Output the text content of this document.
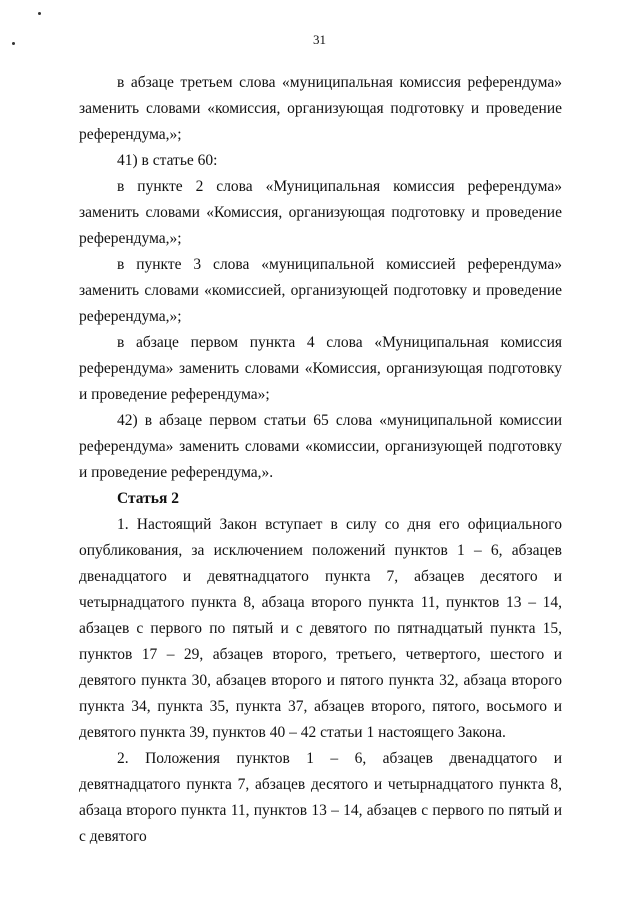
31

в абзаце третьем слова «муниципальная комиссия референдума» заменить словами «комиссия, организующая подготовку и проведение референдума,»;

41) в статье 60:

в пункте 2 слова «Муниципальная комиссия референдума» заменить словами «Комиссия, организующая подготовку и проведение референдума,»;

в пункте 3 слова «муниципальной комиссией референдума» заменить словами «комиссией, организующей подготовку и проведение референдума,»;

в абзаце первом пункта 4 слова «Муниципальная комиссия референдума» заменить словами «Комиссия, организующая подготовку и проведение референдума»;

42) в абзаце первом статьи 65 слова «муниципальной комиссии референдума» заменить словами «комиссии, организующей подготовку и проведение референдума,».

Статья 2

1. Настоящий Закон вступает в силу со дня его официального опубликования, за исключением положений пунктов 1 – 6, абзацев двенадцатого и девятнадцатого пункта 7, абзацев десятого и четырнадцатого пункта 8, абзаца второго пункта 11, пунктов 13 – 14, абзацев с первого по пятый и с девятого по пятнадцатый пункта 15, пунктов 17 – 29, абзацев второго, третьего, четвертого, шестого и девятого пункта 30, абзацев второго и пятого пункта 32, абзаца второго пункта 34, пункта 35, пункта 37, абзацев второго, пятого, восьмого и девятого пункта 39, пунктов 40 – 42 статьи 1 настоящего Закона.

2. Положения пунктов 1 – 6, абзацев двенадцатого и девятнадцатого пункта 7, абзацев десятого и четырнадцатого пункта 8, абзаца второго пункта 11, пунктов 13 – 14, абзацев с первого по пятый и с девятого
